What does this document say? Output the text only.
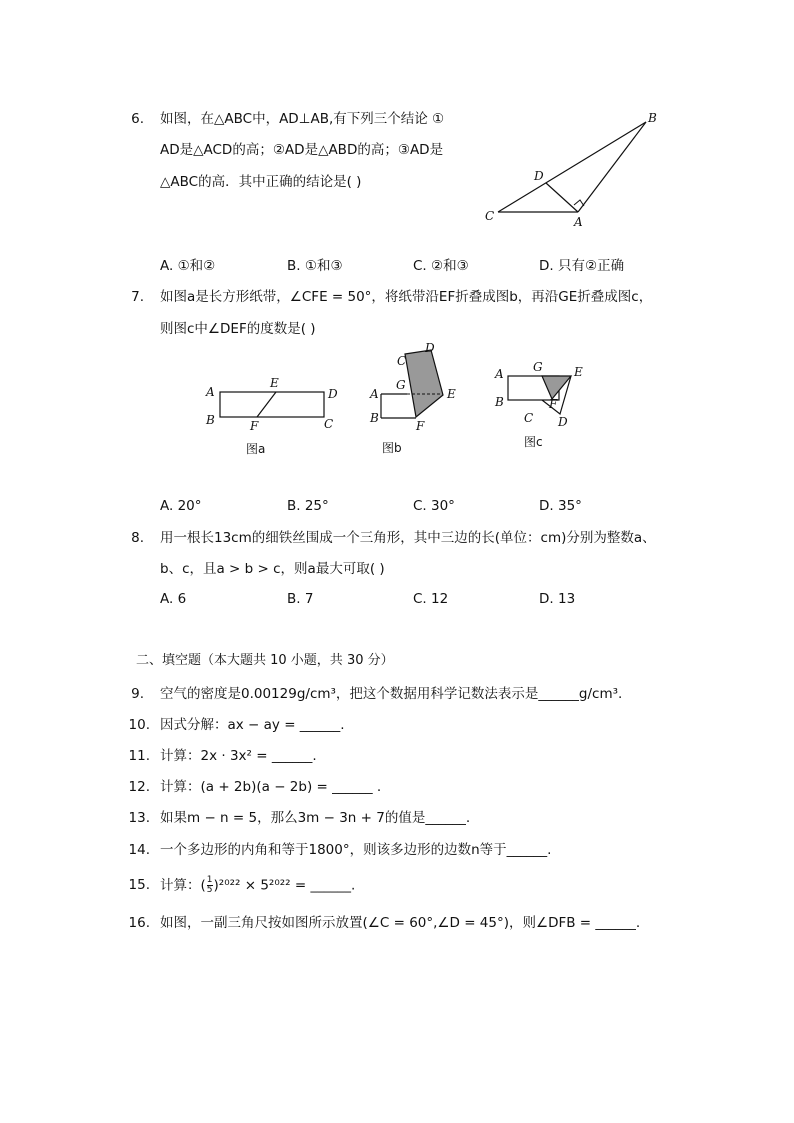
6. 如图，在△ABC中，AD⊥AB,有下列三个结论 ①
AD是△ACD的高；②AD是△ABD的高；③AD是
△ABC的高．其中正确的结论是( )
B
D
C	A
A. ①和②	B. ①和③	C. ②和③	D. 只有②正确
7. 如图a是长方形纸带，∠CFE = 50°，将纸带沿EF折叠成图b，再沿GE折叠成图c，
则图c中∠DEF的度数是( )
A
B
E
D
F	C
图a
C
D
G
A	E
B
F
图b
G
A	E
B	F
C D
图c
A. 20°	B. 25°	C. 30°	D. 35°
8. 用一根长13cm的细铁丝围成一个三角形，其中三边的长(单位：cm)分别为整数a、
b、c，且a > b > c，则a最大可取( )
A. 6	B. 7	C. 12	D. 13
二、填空题（本大题共 10 小题，共 30 分）
9. 空气的密度是0.00129g/cm³，把这个数据用科学记数法表示是______g/cm³.
10. 因式分解：ax − ay = ______.
11. 计算：2x · 3x² = ______.
12. 计算：(a + 2b)(a − 2b) = ______ .
13. 如果m − n = 5，那么3m − 3n + 7的值是______.
14. 一个多边形的内角和等于1800°，则该多边形的边数n等于______.
15. 计算：( $\frac{1}{5} )^{2022} \times 5^{2022}$ = ______.
16. 如图，一副三角尺按如图所示放置(∠C = 60°,∠D = 45°)，则∠DFB = ______.
